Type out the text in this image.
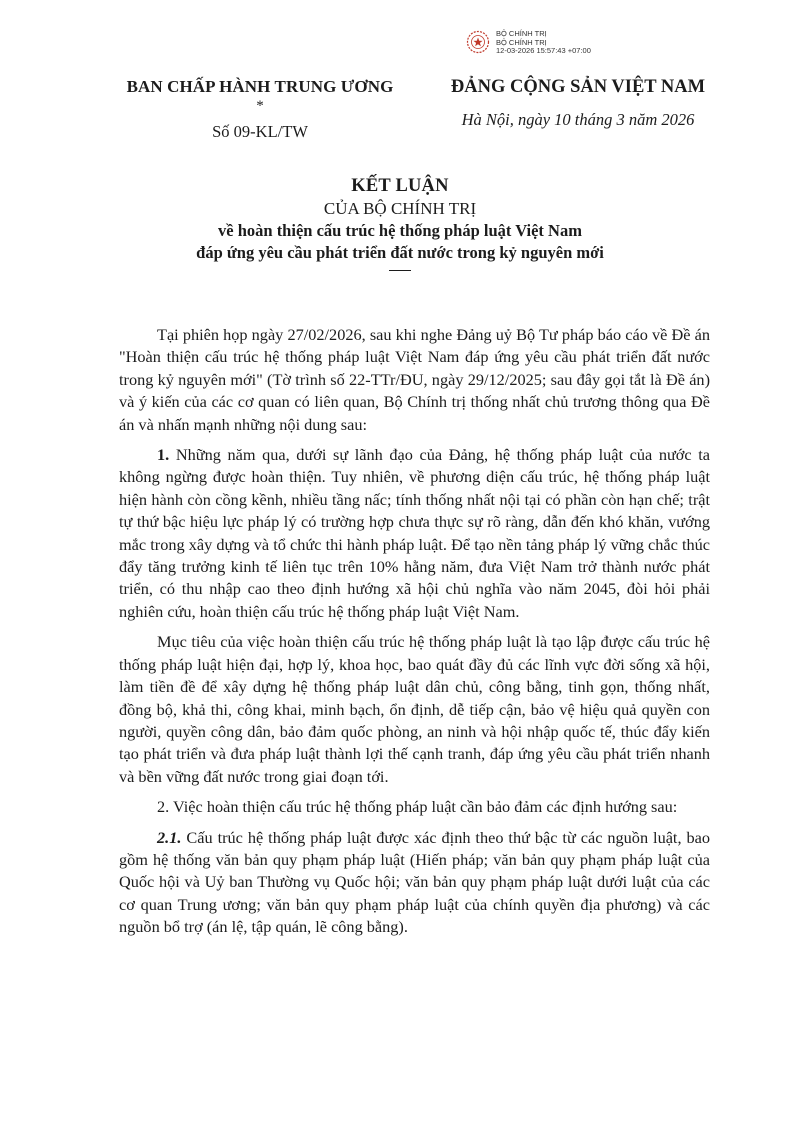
BỘ CHÍNH TRỊ
BỘ CHÍNH TRỊ
12-03-2026 15:57:43 +07:00
BAN CHẤP HÀNH TRUNG ƯƠNG
*
Số 09-KL/TW
ĐẢNG CỘNG SẢN VIỆT NAM
Hà Nội, ngày 10 tháng 3 năm 2026
KẾT LUẬN
CỦA BỘ CHÍNH TRỊ
về hoàn thiện cấu trúc hệ thống pháp luật Việt Nam
đáp ứng yêu cầu phát triển đất nước trong kỷ nguyên mới

Tại phiên họp ngày 27/02/2026, sau khi nghe Đảng uỷ Bộ Tư pháp báo cáo về Đề án "Hoàn thiện cấu trúc hệ thống pháp luật Việt Nam đáp ứng yêu cầu phát triển đất nước trong kỷ nguyên mới" (Tờ trình số 22-TTr/ĐU, ngày 29/12/2025; sau đây gọi tắt là Đề án) và ý kiến của các cơ quan có liên quan, Bộ Chính trị thống nhất chủ trương thông qua Đề án và nhấn mạnh những nội dung sau:

1. Những năm qua, dưới sự lãnh đạo của Đảng, hệ thống pháp luật của nước ta không ngừng được hoàn thiện. Tuy nhiên, về phương diện cấu trúc, hệ thống pháp luật hiện hành còn cồng kềnh, nhiều tầng nấc; tính thống nhất nội tại có phần còn hạn chế; trật tự thứ bậc hiệu lực pháp lý có trường hợp chưa thực sự rõ ràng, dẫn đến khó khăn, vướng mắc trong xây dựng và tổ chức thi hành pháp luật. Để tạo nền tảng pháp lý vững chắc thúc đẩy tăng trưởng kinh tế liên tục trên 10% hằng năm, đưa Việt Nam trở thành nước phát triển, có thu nhập cao theo định hướng xã hội chủ nghĩa vào năm 2045, đòi hỏi phải nghiên cứu, hoàn thiện cấu trúc hệ thống pháp luật Việt Nam.

Mục tiêu của việc hoàn thiện cấu trúc hệ thống pháp luật là tạo lập được cấu trúc hệ thống pháp luật hiện đại, hợp lý, khoa học, bao quát đầy đủ các lĩnh vực đời sống xã hội, làm tiền đề để xây dựng hệ thống pháp luật dân chủ, công bằng, tinh gọn, thống nhất, đồng bộ, khả thi, công khai, minh bạch, ổn định, dễ tiếp cận, bảo vệ hiệu quả quyền con người, quyền công dân, bảo đảm quốc phòng, an ninh và hội nhập quốc tế, thúc đẩy kiến tạo phát triển và đưa pháp luật thành lợi thế cạnh tranh, đáp ứng yêu cầu phát triển nhanh và bền vững đất nước trong giai đoạn tới.

2. Việc hoàn thiện cấu trúc hệ thống pháp luật cần bảo đảm các định hướng sau:

2.1. Cấu trúc hệ thống pháp luật được xác định theo thứ bậc từ các nguồn luật, bao gồm hệ thống văn bản quy phạm pháp luật (Hiến pháp; văn bản quy phạm pháp luật của Quốc hội và Uỷ ban Thường vụ Quốc hội; văn bản quy phạm pháp luật dưới luật của các cơ quan Trung ương; văn bản quy phạm pháp luật của chính quyền địa phương) và các nguồn bổ trợ (án lệ, tập quán, lẽ công bằng).
